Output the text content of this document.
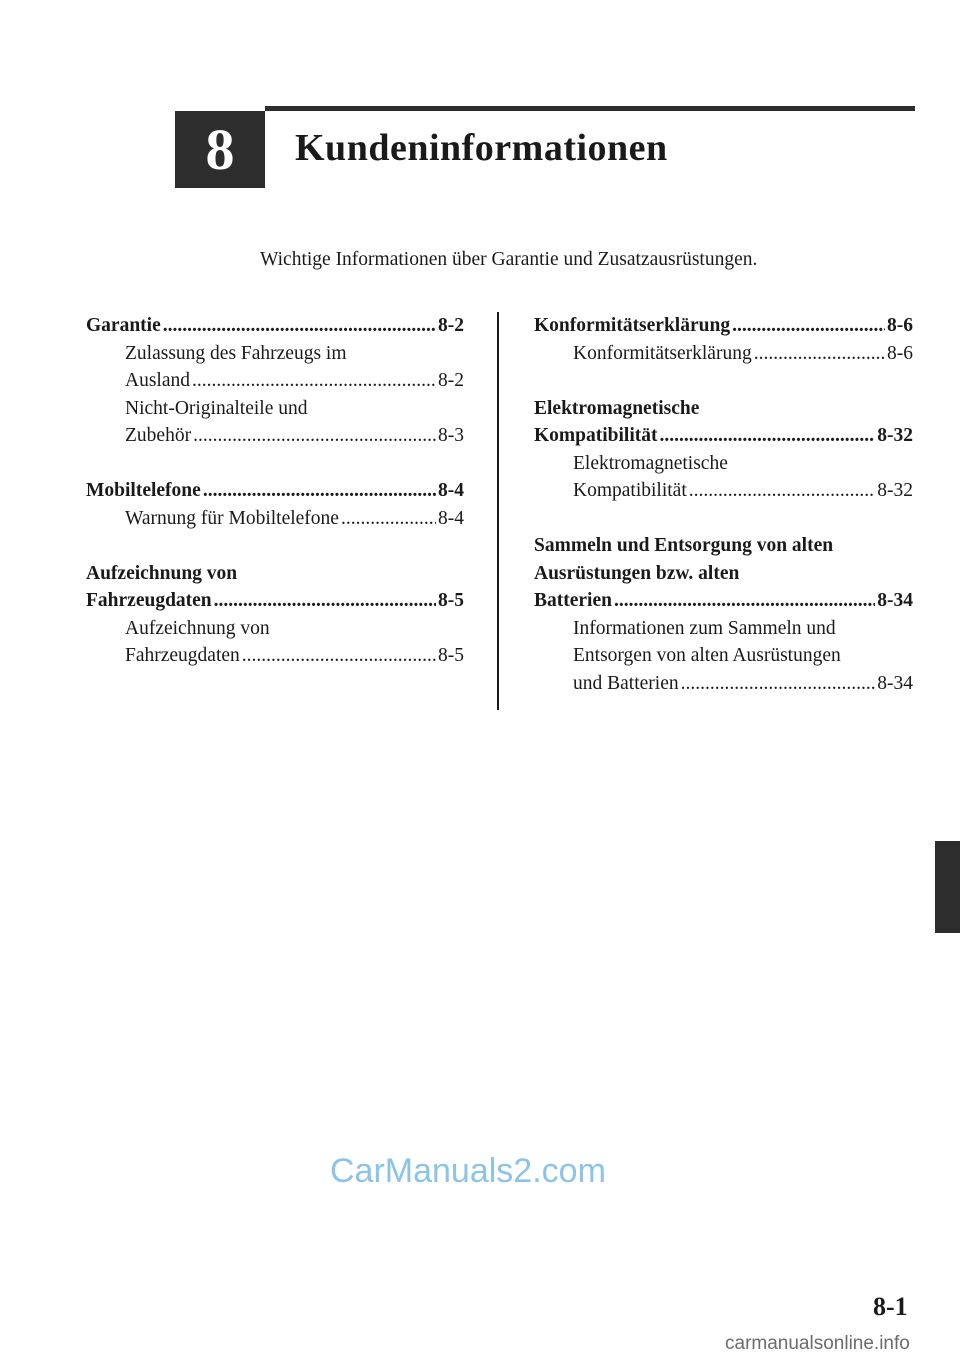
8 Kundeninformationen
Wichtige Informationen über Garantie und Zusatzausrüstungen.
Garantie .....	8-2
Zulassung des Fahrzeugs im
Ausland .....	8-2
Nicht-Originalteile und
Zubehör .....	8-3
Mobiltelefone .....	8-4
Warnung für Mobiltelefone .....	8-4
Aufzeichnung von
Fahrzeugdaten .....	8-5
Aufzeichnung von
Fahrzeugdaten .....	8-5
Konformitätserklärung .....	8-6
Konformitätserklärung .....	8-6
Elektromagnetische
Kompatibilität .....	8-32
Elektromagnetische
Kompatibilität .....	8-32
Sammeln und Entsorgung von alten
Ausrüstungen bzw. alten
Batterien .....	8-34
Informationen zum Sammeln und
Entsorgen von alten Ausrüstungen
und Batterien .....	8-34
CarManuals2.com
8-1
carmanualsonline.info
